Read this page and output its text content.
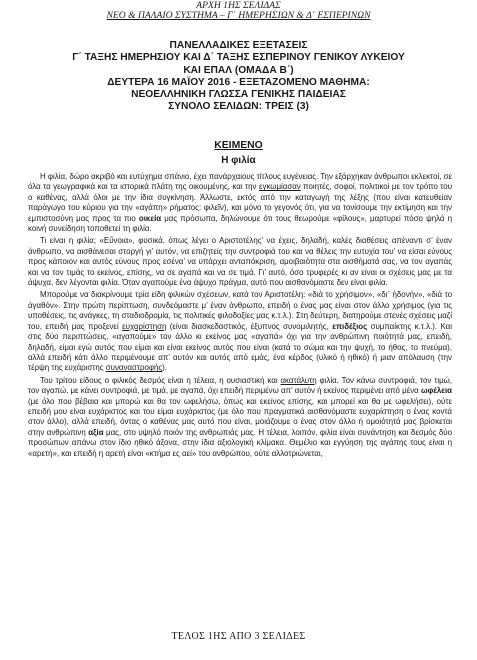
ΑΡΧΗ 1ΗΣ ΣΕΛΙΔΑΣ
ΝΕΟ & ΠΑΛΑΙΟ ΣΥΣΤΗΜΑ – Γ΄ ΗΜΕΡΗΣΙΩΝ & Δ΄ ΕΣΠΕΡΙΝΩΝ
ΠΑΝΕΛΛΑΔΙΚΕΣ ΕΞΕΤΑΣΕΙΣ
Γ΄ ΤΑΞΗΣ ΗΜΕΡΗΣΙΟΥ ΚΑΙ Δ΄ ΤΑΞΗΣ ΕΣΠΕΡΙΝΟΥ ΓΕΝΙΚΟΥ ΛΥΚΕΙΟΥ
ΚΑΙ ΕΠΑΛ (ΟΜΑΔΑ Β΄)
ΔΕΥΤΕΡΑ 16 ΜΑΪΟΥ 2016 - ΕΞΕΤΑΖΟΜΕΝΟ ΜΑΘΗΜΑ:
ΝΕΟΕΛΛΗΝΙΚΗ ΓΛΩΣΣΑ ΓΕΝΙΚΗΣ ΠΑΙΔΕΙΑΣ
ΣΥΝΟΛΟ ΣΕΛΙΔΩΝ: ΤΡΕΙΣ (3)
ΚΕΙΜΕΝΟ
Η φιλία

Η φιλία, δώρο ακριβό και ευτύχημα σπάνιο, έχει πανάρχαιους τίτλους ευγένειας. Την εξάρχηκαν άνθρωποι εκλεκτοί, σε όλα τα γεωγραφικά και τα ιστορικά πλάτη της οικουμένης, και την εγκωμίασαν ποιητές, σοφοί, πολιτικοί με τον τρόπο του ο καθένας, αλλά όλοι με την ίδια συγκίνηση. Άλλωστε, εκτός από την καταγωγή της λέξης (που είναι κατευθείαν παράγωγο του κύριου για την «αγάπη» ρήματος: φιλεῖν), και μόνο το γεγονός ότι, για να τονίσουμε την εκτίμηση και την εμπιστοσύνη μας προς τα πιο οικεία μας πρόσωπα, δηλώνουμε ότι τους θεωρούμε «φίλους», μαρτυρεί πόσο ψηλά η κοινή συνείδηση τοποθετεί τη φιλία.

Τι είναι η φιλία; «Εὔνοια», φυσικά, όπως λέγει ο Αριστοτέλης’ να έχεις, δηλαδή, καλές διαθέσεις απέναντι σ’ έναν άνθρωπο, να αισθάνεσαι στοργή γι’ αυτόν, να επιζητείς την συντροφιά του και να θέλεις την ευτυχία του’ να είσαι εύνους προς κάποιον και αυτός εύνους προς εσένα’ να υπάρχει ανταπόκριση, αμοιβαιότητα στα αισθήματά σας, να τον αγαπάς και να τον τιμάς το εκείνος, επίσης, να σε αγαπά και να σε τιμά. Γι’ αυτό, όσο τρυφερές κι αν είναι οι σχέσεις μας με τα άψυχα, δεν λέγονται φιλία. Όταν αγαπούμε ένα άψυχο πράγμα, αυτό που αισθανόμαστε δεν είναι φιλία.

Μπορούμε να διακρίνουμε τρία είδη φιλικών σχέσεων, κατά τον Αριστοτέλη: «διά το χρήσιμον», «δι᾽ ἡδονήν», «διά το ἀγαθόν». Στην πρώτη περίπτωση, συνδεόμαστε μ’ έναν άνθρωπο, επειδή ο ένας μας είναι στον άλλο χρήσιμος (για τις υποθέσεις, τις ανάγκες, τη σταδιοδρομία, τις πολιτικές φιλοδοξίες μας κ.τ.λ.). Στη δεύτερη, διατηρούμε στενές σχέσεις μαζί του, επειδή μας προξενεί ευχαρίστηση (είναι διασκεδαστικός, έξυπνος συνομιλητής, επιδέξιος συμπαίκτης κ.τ.λ.). Και στις δύο περιπτώσεις, «αγαπούμε» τον άλλο κι εκείνος μας «αγαπά» όχι για την ανθρώπινη ποιότητά μας, επειδή, δηλαδή, είμαι εγώ αυτός που είμαι και είναι εκείνος αυτός που είναι (κατά το σώμα και την ψυχή, το ήθος, το πνεύμα), αλλά επειδή κάτι άλλο περιμένουμε απ’ αυτόν και αυτός από εμάς, ένα κέρδος (υλικό ή ηθικό) ή μιαν απόλαυση (την τέρψη της ευχάριστης συναναστροφής).

Του τρίτου είδους ο φιλικός δεσμός είναι η τέλεια, η ουσιαστική και ακατάλυτη φιλία. Τον κάνω συντροφιά, τον τιμώ, τον αγαπώ, με κάνει συντροφιά, με τιμά, με αγαπά, όχι επειδή περιμένω απ’ αυτόν ή εκείνος περιμένει από μένα ωφέλεια (με όλο που βέβαια και μπορώ και θα τον ωφελήσω, όπως και εκείνος επίσης, και μπορεί και θα με ωφελήσει), ούτε επειδή μου είναι ευχάριστος και του είμαι ευχάριστος (με όλο που πραγματικά αισθανόμαστε ευχαρίστηση ο ένας κοντά στον άλλο), αλλά επειδή, όντας ο καθένας μας αυτό που είναι, μοιάζουμε ο ένας στον άλλο ή ομοιότητά μας βρίσκεται στην ανθρώπινη αξία μας, στο υψηλό ποιόν της ανθρωπιάς μας. Η τέλεια, λοιπόν, φιλία είναι συνάντηση και δεσμός δύο προσώπων απάνω στον ίδιο ηθικό άξονα, στην ίδια αξιολογική κλίμακα. Θεμέλιο και εγγύηση της αγάπης τους είναι η «αρετή», και επειδή η αρετή είναι «κτήμα ες αεί» του ανθρώπου, ούτε αλλοτριώνεται,

ΤΕΛΟΣ 1ΗΣ ΑΠΟ 3 ΣΕΛΙΔΕΣ
